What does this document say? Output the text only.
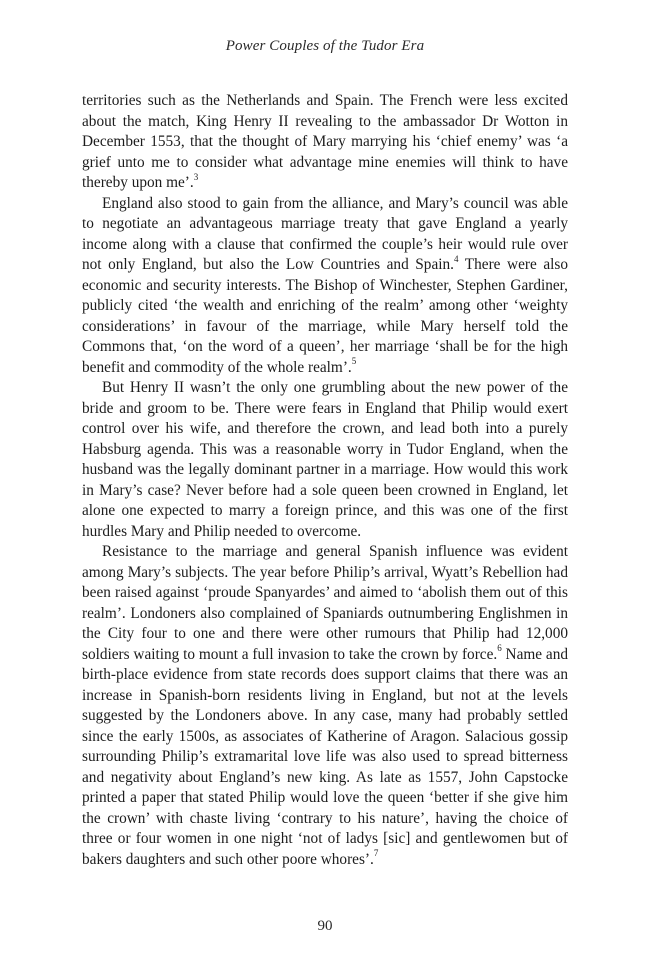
Power Couples of the Tudor Era

territories such as the Netherlands and Spain. The French were less excited about the match, King Henry II revealing to the ambassador Dr Wotton in December 1553, that the thought of Mary marrying his ‘chief enemy’ was ‘a grief unto me to consider what advantage mine enemies will think to have thereby upon me’.$^3$

England also stood to gain from the alliance, and Mary’s council was able to negotiate an advantageous marriage treaty that gave England a yearly income along with a clause that confirmed the couple’s heir would rule over not only England, but also the Low Countries and Spain.$^4$ There were also economic and security interests. The Bishop of Winchester, Stephen Gardiner, publicly cited ‘the wealth and enriching of the realm’ among other ‘weighty considerations’ in favour of the marriage, while Mary herself told the Commons that, ‘on the word of a queen’, her marriage ‘shall be for the high benefit and commodity of the whole realm’.$^5$

But Henry II wasn’t the only one grumbling about the new power of the bride and groom to be. There were fears in England that Philip would exert control over his wife, and therefore the crown, and lead both into a purely Habsburg agenda. This was a reasonable worry in Tudor England, when the husband was the legally dominant partner in a marriage. How would this work in Mary’s case? Never before had a sole queen been crowned in England, let alone one expected to marry a foreign prince, and this was one of the first hurdles Mary and Philip needed to overcome.

Resistance to the marriage and general Spanish influence was evident among Mary’s subjects. The year before Philip’s arrival, Wyatt’s Rebellion had been raised against ‘proude Spanyardes’ and aimed to ‘abolish them out of this realm’. Londoners also complained of Spaniards outnumbering Englishmen in the City four to one and there were other rumours that Philip had 12,000 soldiers waiting to mount a full invasion to take the crown by force.$^6$ Name and birth-place evidence from state records does support claims that there was an increase in Spanish-born residents living in England, but not at the levels suggested by the Londoners above. In any case, many had probably settled since the early 1500s, as associates of Katherine of Aragon. Salacious gossip surrounding Philip’s extramarital love life was also used to spread bitterness and negativity about England’s new king. As late as 1557, John Capstocke printed a paper that stated Philip would love the queen ‘better if she give him the crown’ with chaste living ‘contrary to his nature’, having the choice of three or four women in one night ‘not of ladys [sic] and gentlewomen but of bakers daughters and such other poore whores’.$^7$

90
